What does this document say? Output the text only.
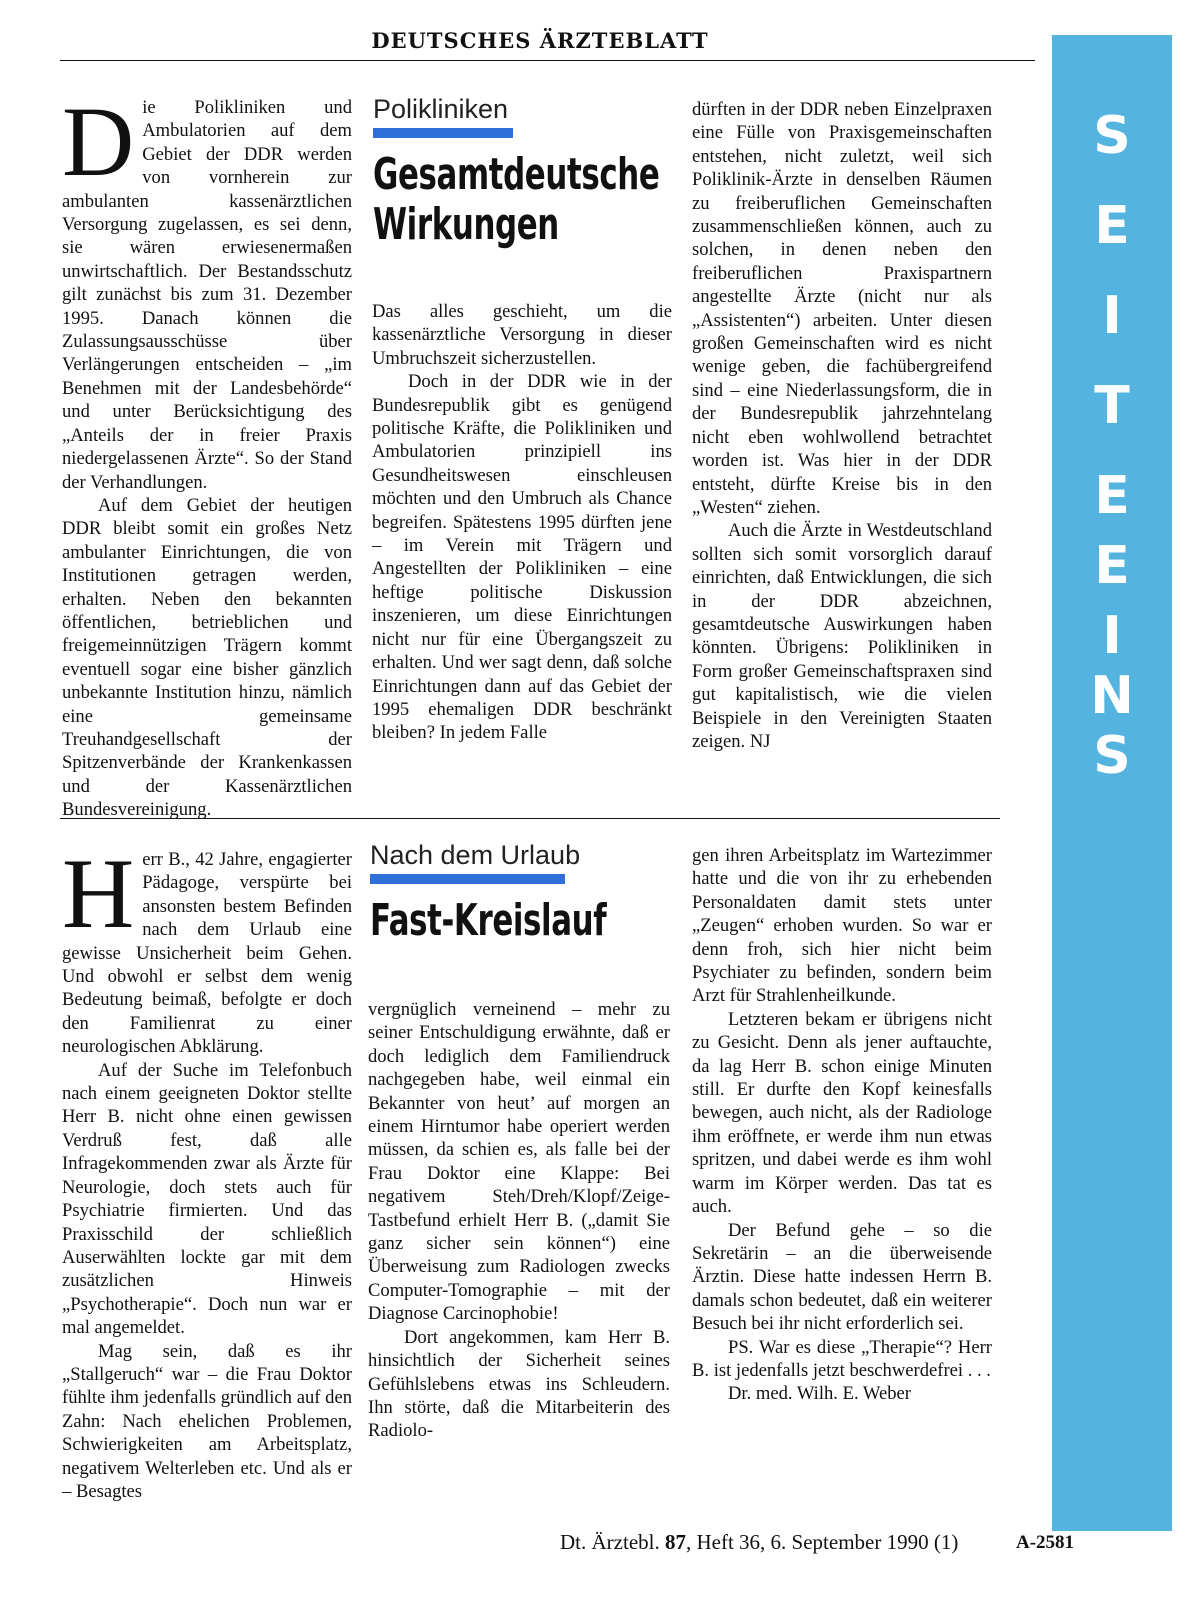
DEUTSCHES ÄRZTEBLATT
S
E
I
T
E
E
I
N
S

Die Polikliniken und Ambulatorien auf dem Gebiet der DDR werden von vornherein zur ambulanten kassenärztlichen Versorgung zugelassen, es sei denn, sie wären erwiesenermaßen unwirtschaftlich. Der Bestandsschutz gilt zunächst bis zum 31. Dezember 1995. Danach können die Zulassungsausschüsse über Verlängerungen entscheiden – „im Benehmen mit der Landesbehörde“ und unter Berücksichtigung des „Anteils der in freier Praxis niedergelassenen Ärzte“. So der Stand der Verhandlungen.

Auf dem Gebiet der heutigen DDR bleibt somit ein großes Netz ambulanter Einrichtungen, die von Institutionen getragen werden, erhalten. Neben den bekannten öffentlichen, betrieblichen und freigemeinnützigen Trägern kommt eventuell sogar eine bisher gänzlich unbekannte Institution hinzu, nämlich eine gemeinsame Treuhandgesellschaft der Spitzenverbände der Krankenkassen und der Kassenärztlichen Bundesvereinigung.

Polikliniken
Gesamtdeutsche
Wirkungen

Das alles geschieht, um die kassenärztliche Versorgung in dieser Umbruchszeit sicherzustellen.

Doch in der DDR wie in der Bundesrepublik gibt es genügend politische Kräfte, die Polikliniken und Ambulatorien prinzipiell ins Gesundheitswesen einschleusen möchten und den Umbruch als Chance begreifen. Spätestens 1995 dürften jene – im Verein mit Trägern und Angestellten der Polikliniken – eine heftige politische Diskussion inszenieren, um diese Einrichtungen nicht nur für eine Übergangszeit zu erhalten. Und wer sagt denn, daß solche Einrichtungen dann auf das Gebiet der 1995 ehemaligen DDR beschränkt bleiben? In jedem Falle

dürften in der DDR neben Einzelpraxen eine Fülle von Praxisgemeinschaften entstehen, nicht zuletzt, weil sich Poliklinik-Ärzte in denselben Räumen zu freiberuflichen Gemeinschaften zusammenschließen können, auch zu solchen, in denen neben den freiberuflichen Praxispartnern angestellte Ärzte (nicht nur als „Assistenten“) arbeiten. Unter diesen großen Gemeinschaften wird es nicht wenige geben, die fachübergreifend sind – eine Niederlassungsform, die in der Bundesrepublik jahrzehntelang nicht eben wohlwollend betrachtet worden ist. Was hier in der DDR entsteht, dürfte Kreise bis in den „Westen“ ziehen.

Auch die Ärzte in Westdeutschland sollten sich somit vorsorglich darauf einrichten, daß Entwicklungen, die sich in der DDR abzeichnen, gesamtdeutsche Auswirkungen haben könnten. Übrigens: Polikliniken in Form großer Gemeinschaftspraxen sind gut kapitalistisch, wie die vielen Beispiele in den Vereinigten Staaten zeigen. NJ

Herr B., 42 Jahre, engagierter Pädagoge, verspürte bei ansonsten bestem Befinden nach dem Urlaub eine gewisse Unsicherheit beim Gehen. Und obwohl er selbst dem wenig Bedeutung beimaß, befolgte er doch den Familienrat zu einer neurologischen Abklärung.

Auf der Suche im Telefonbuch nach einem geeigneten Doktor stellte Herr B. nicht ohne einen gewissen Verdruß fest, daß alle Infragekommenden zwar als Ärzte für Neurologie, doch stets auch für Psychiatrie firmierten. Und das Praxisschild der schließlich Auserwählten lockte gar mit dem zusätzlichen Hinweis „Psychotherapie“. Doch nun war er mal angemeldet.

Mag sein, daß es ihr „Stallgeruch“ war – die Frau Doktor fühlte ihm jedenfalls gründlich auf den Zahn: Nach ehelichen Problemen, Schwierigkeiten am Arbeitsplatz, negativem Welterleben etc. Und als er – Besagtes

Nach dem Urlaub
Fast-Kreislauf

vergnüglich verneinend – mehr zu seiner Entschuldigung erwähnte, daß er doch lediglich dem Familiendruck nachgegeben habe, weil einmal ein Bekannter von heut’ auf morgen an einem Hirntumor habe operiert werden müssen, da schien es, als falle bei der Frau Doktor eine Klappe: Bei negativem Steh/Dreh/Klopf/Zeige-Tastbefund erhielt Herr B. („damit Sie ganz sicher sein können“) eine Überweisung zum Radiologen zwecks Computer-Tomographie – mit der Diagnose Carcinophobie!

Dort angekommen, kam Herr B. hinsichtlich der Sicherheit seines Gefühlslebens etwas ins Schleudern. Ihn störte, daß die Mitarbeiterin des Radiolo-

gen ihren Arbeitsplatz im Wartezimmer hatte und die von ihr zu erhebenden Personaldaten damit stets unter „Zeugen“ erhoben wurden. So war er denn froh, sich hier nicht beim Psychiater zu befinden, sondern beim Arzt für Strahlenheilkunde.

Letzteren bekam er übrigens nicht zu Gesicht. Denn als jener auftauchte, da lag Herr B. schon einige Minuten still. Er durfte den Kopf keinesfalls bewegen, auch nicht, als der Radiologe ihm eröffnete, er werde ihm nun etwas spritzen, und dabei werde es ihm wohl warm im Körper werden. Das tat es auch.

Der Befund gehe – so die Sekretärin – an die überweisende Ärztin. Diese hatte indessen Herrn B. damals schon bedeutet, daß ein weiterer Besuch bei ihr nicht erforderlich sei.

PS. War es diese „Therapie“? Herr B. ist jedenfalls jetzt beschwerdefrei . . .

Dr. med. Wilh. E. Weber

Dt. Ärztebl. 87, Heft 36, 6. September 1990 (1)	A-2581
